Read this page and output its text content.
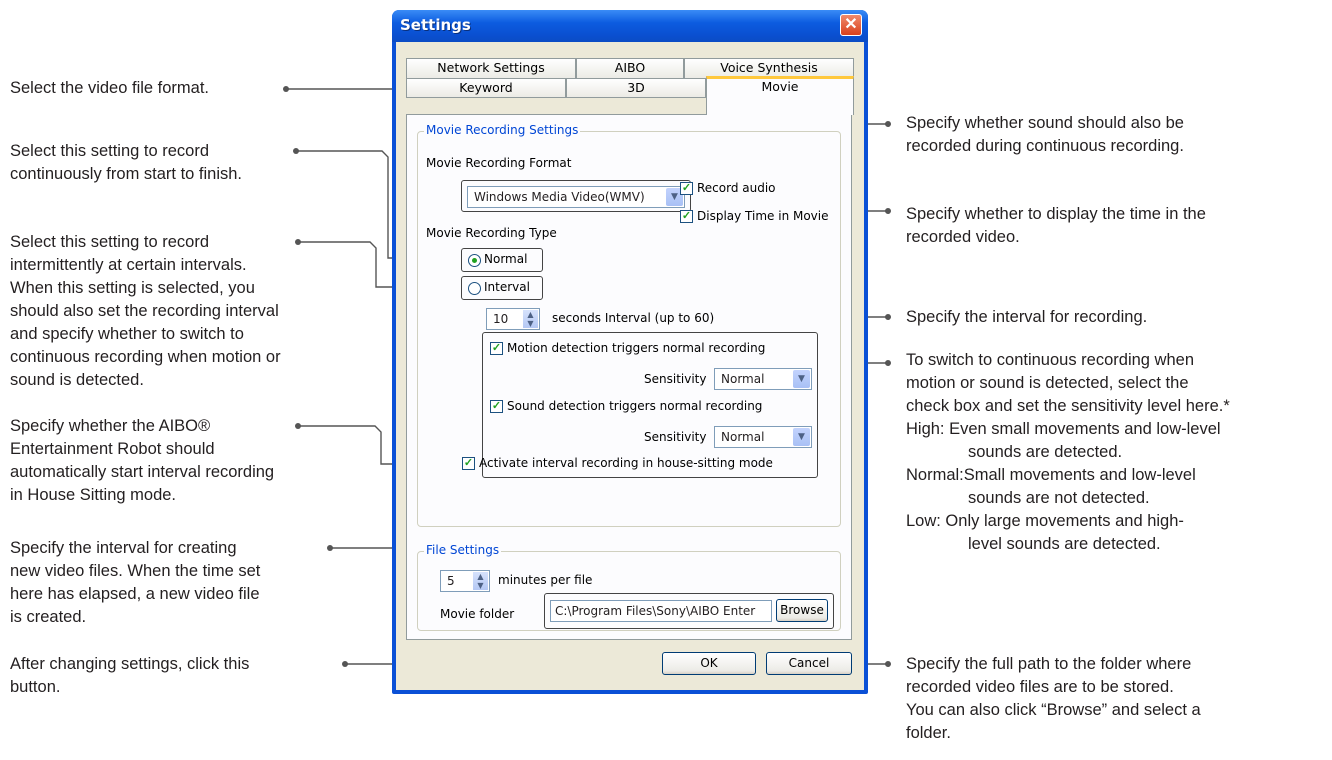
Select the video file format.
Select this setting to record
continuously from start to finish.
Select this setting to record
intermittently at certain intervals.
When this setting is selected, you
should also set the recording interval
and specify whether to switch to
continuous recording when motion or
sound is detected.
Specify whether the AIBO®
Entertainment Robot should
automatically start interval recording
in House Sitting mode.
Specify the interval for creating
new video files. When the time set
here has elapsed, a new video file
is created.
After changing settings, click this
button.
Specify whether sound should also be
recorded during continuous recording.
Specify whether to display the time in the
recorded video.
Specify the interval for recording.
To switch to continuous recording when
motion or sound is detected, select the
check box and set the sensitivity level here.*
High: Even small movements and low-level
sounds are detected.
Normal:Small movements and low-level
sounds are not detected.
Low: Only large movements and high-
level sounds are detected.
Specify the full path to the folder where
recorded video files are to be stored.
You can also click “Browse” and select a
folder.
Settings	✕
Network Settings	AIBO	Voice Synthesis
Keyword	3D	Movie
Movie Recording Settings
Movie Recording Format
Windows Media Video(WMV)	▼
✓ Record audio
✓ Display Time in Movie
Movie Recording Type
Normal
Interval
10	▲
▼	seconds Interval (up to 60)
✓ Motion detection triggers normal recording
Sensitivity	Normal	▼
✓ Sound detection triggers normal recording
Sensitivity	Normal	▼
✓ Activate interval recording in house-sitting mode
File Settings
5	▲
▼	minutes per file
Movie folder	C:\Program Files\Sony\AIBO Enter	Browse
OK	Cancel
